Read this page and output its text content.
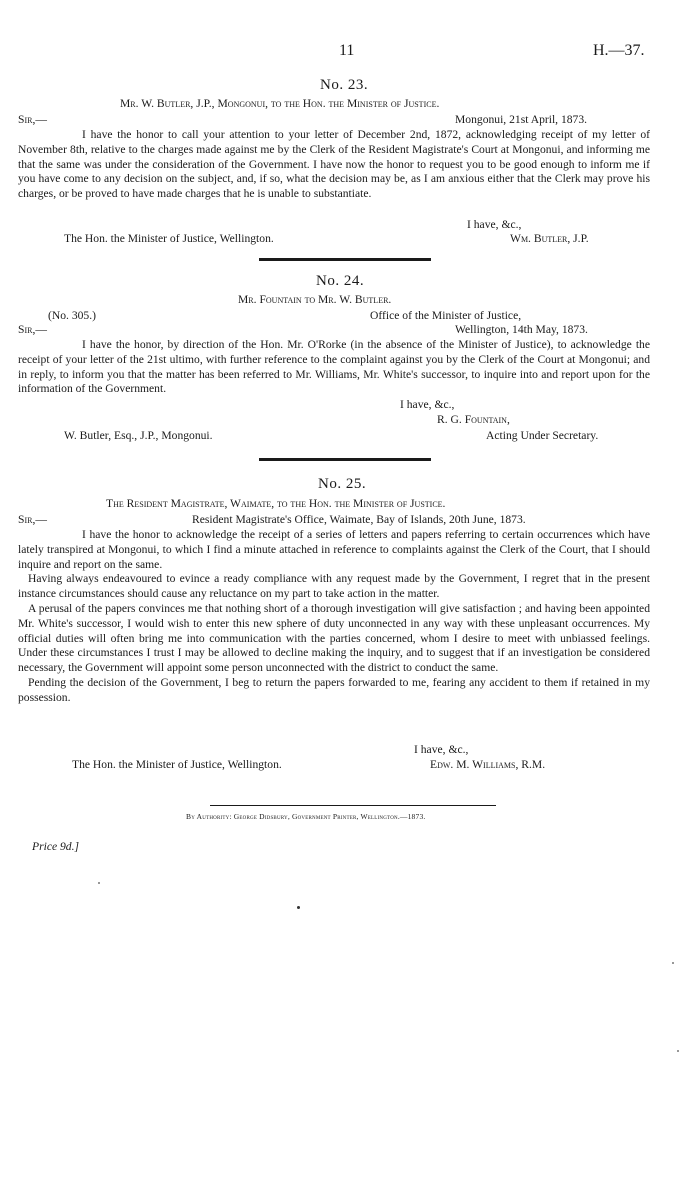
11	H.—37.
No. 23.
Mr. W. Butler, J.P., Mongonui, to the Hon. the Minister of Justice.
Sir,—	Mongonui, 21st April, 1873.

I have the honor to call your attention to your letter of December 2nd, 1872, acknowledging receipt of my letter of November 8th, relative to the charges made against me by the Clerk of the Resident Magistrate's Court at Mongonui, and informing me that the same was under the consideration of the Government. I have now the honor to request you to be good enough to inform me if you have come to any decision on the subject, and, if so, what the decision may be, as I am anxious either that the Clerk may prove his charges, or be proved to have made charges that he is unable to substantiate.

I have, &c.,
The Hon. the Minister of Justice, Wellington.	Wm. Butler, J.P.
No. 24.
Mr. Fountain to Mr. W. Butler.
(No. 305.)	Office of the Minister of Justice,
Sir,—	Wellington, 14th May, 1873.

I have the honor, by direction of the Hon. Mr. O'Rorke (in the absence of the Minister of Justice), to acknowledge the receipt of your letter of the 21st ultimo, with further reference to the complaint against you by the Clerk of the Court at Mongonui; and in reply, to inform you that the matter has been referred to Mr. Williams, Mr. White's successor, to inquire into and report upon for the information of the Government.

I have, &c.,
R. G. Fountain,
W. Butler, Esq., J.P., Mongonui.	Acting Under Secretary.
No. 25.
The Resident Magistrate, Waimate, to the Hon. the Minister of Justice.
Sir,—	Resident Magistrate's Office, Waimate, Bay of Islands, 20th June, 1873.

I have the honor to acknowledge the receipt of a series of letters and papers referring to certain occurrences which have lately transpired at Mongonui, to which I find a minute attached in reference to complaints against the Clerk of the Court, that I should inquire and report on the same.

Having always endeavoured to evince a ready compliance with any request made by the Government, I regret that in the present instance circumstances should cause any reluctance on my part to take action in the matter.

A perusal of the papers convinces me that nothing short of a thorough investigation will give satisfaction ; and having been appointed Mr. White's successor, I would wish to enter this new sphere of duty unconnected in any way with these unpleasant occurrences. My official duties will often bring me into communication with the parties concerned, whom I desire to meet with unbiassed feelings. Under these circumstances I trust I may be allowed to decline making the inquiry, and to suggest that if an investigation be considered necessary, the Government will appoint some person unconnected with the district to conduct the same.

Pending the decision of the Government, I beg to return the papers forwarded to me, fearing any accident to them if retained in my possession.

I have, &c.,
The Hon. the Minister of Justice, Wellington.	Edw. M. Williams, R.M.
By Authority: George Didsbury, Government Printer, Wellington.—1873.
Price 9d.]
